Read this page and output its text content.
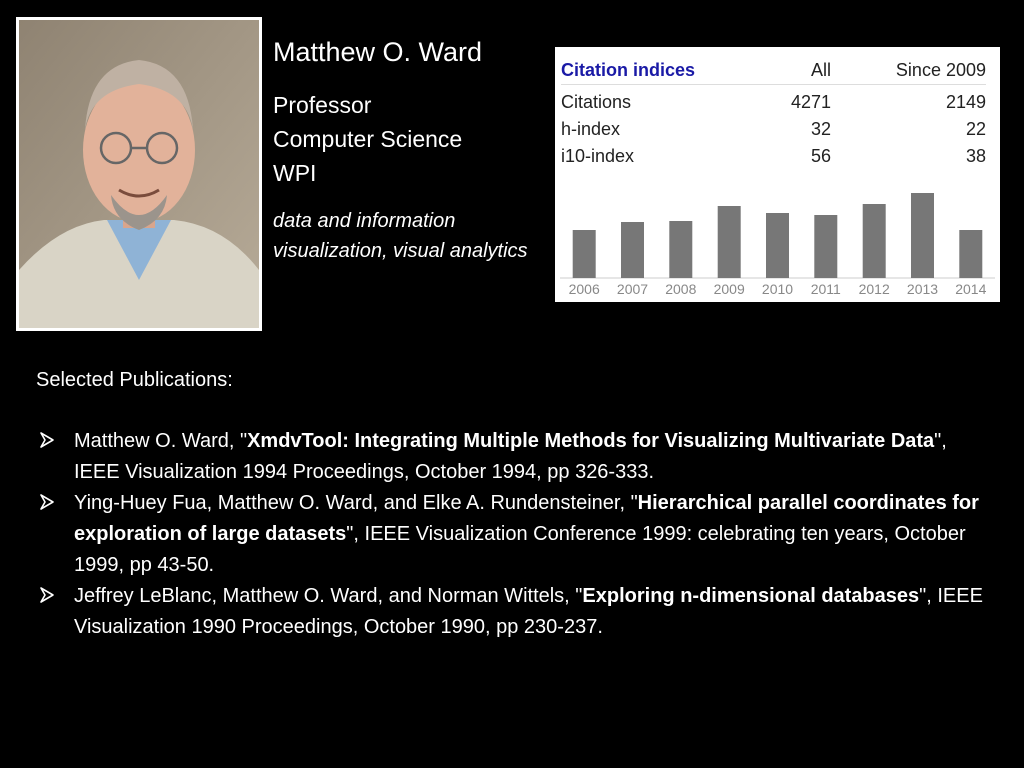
Matthew O. Ward
Professor
Computer Science
WPI
data and information visualization, visual analytics
Citation indices	All	Since 2009
Citations	4271	2149
h-index	32	22
i10-index	56	38
2006 2007 2008 2009 2010 2011 2012 2013 2014
Selected Publications:
Matthew O. Ward, "XmdvTool: Integrating Multiple Methods for Visualizing Multivariate Data", IEEE Visualization 1994 Proceedings, October 1994, pp 326-333.
Ying-Huey Fua, Matthew O. Ward, and Elke A. Rundensteiner, "Hierarchical parallel coordinates for exploration of large datasets", IEEE Visualization Conference 1999: celebrating ten years, October 1999, pp 43-50.
Jeffrey LeBlanc, Matthew O. Ward, and Norman Wittels, "Exploring n-dimensional databases", IEEE Visualization 1990 Proceedings, October 1990, pp 230-237.
